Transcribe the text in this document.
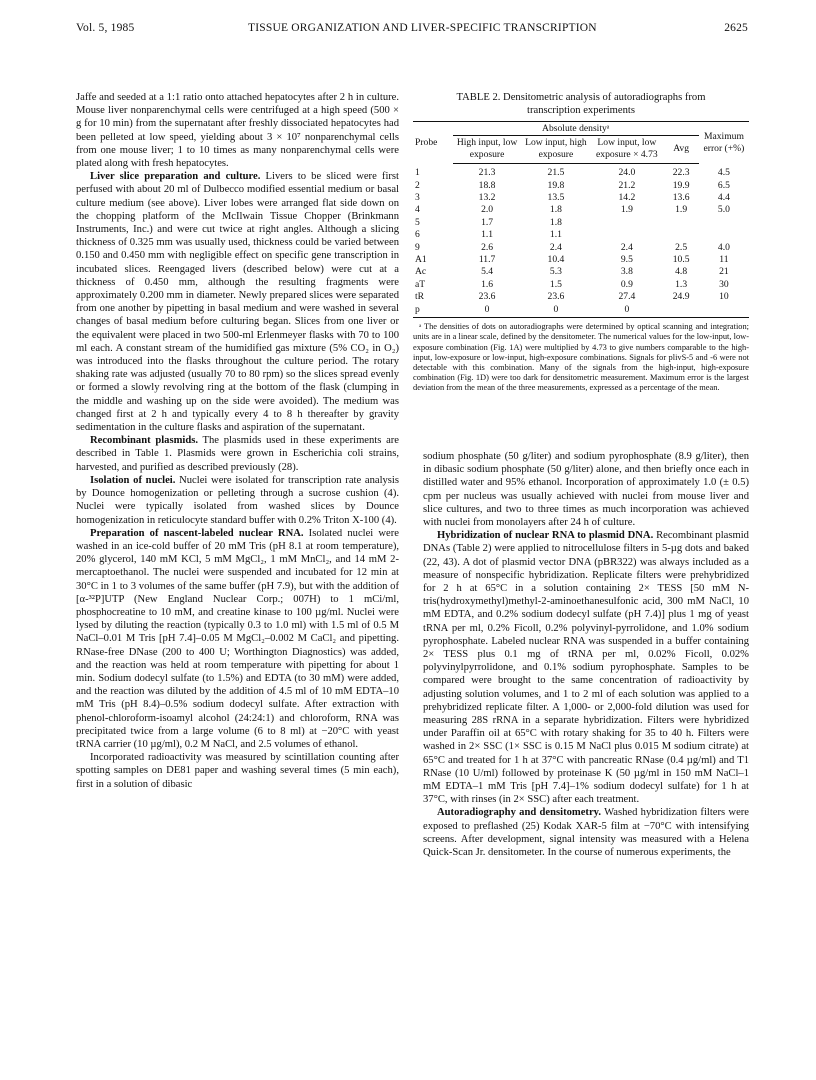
Vol. 5, 1985	TISSUE ORGANIZATION AND LIVER-SPECIFIC TRANSCRIPTION	2625

Jaffe and seeded at a 1:1 ratio onto attached hepatocytes after 2 h in culture. Mouse liver nonparenchymal cells were centrifuged at a high speed (500 × g for 10 min) from the supernatant after freshly dissociated hepatocytes had been pelleted at low speed, yielding about 3 × 10⁷ nonparenchymal cells from one mouse liver; 1 to 10 times as many nonparenchymal cells were plated along with fresh hepatocytes.

Liver slice preparation and culture. Livers to be sliced were first perfused with about 20 ml of Dulbecco modified essential medium or basal culture medium (see above). Liver lobes were arranged flat side down on the chopping platform of the McIlwain Tissue Chopper (Brinkmann Instruments, Inc.) and were cut twice at right angles. Although a slicing thickness of 0.325 mm was usually used, thickness could be varied between 0.150 and 0.450 mm with negligible effect on specific gene transcription in incubated slices. Reengaged livers (described below) were cut at a thickness of 0.450 mm, although the resulting fragments were approximately 0.200 mm in diameter. Newly prepared slices were separated from one another by pipetting in basal medium and were washed in several changes of basal medium before culturing began. Slices from one liver or the equivalent were placed in two 500-ml Erlenmeyer flasks with 70 to 100 ml each. A constant stream of the humidified gas mixture (5% CO₂ in O₂) was introduced into the flasks throughout the culture period. The rotary shaking rate was adjusted (usually 70 to 80 rpm) so the slices spread evenly or formed a slowly revolving ring at the bottom of the flask (clumping in the middle and washing up on the side were avoided). The medium was changed first at 2 h and typically every 4 to 8 h thereafter by gravity sedimentation in the culture flasks and aspiration of the supernatant.

Recombinant plasmids. The plasmids used in these experiments are described in Table 1. Plasmids were grown in Escherichia coli strains, harvested, and purified as described previously (28).

Isolation of nuclei. Nuclei were isolated for transcription rate analysis by Dounce homogenization or pelleting through a sucrose cushion (4). Nuclei were typically isolated from washed slices by Dounce homogenization in reticulocyte standard buffer with 0.2% Triton X-100 (4).

Preparation of nascent-labeled nuclear RNA. Isolated nuclei were washed in an ice-cold buffer of 20 mM Tris (pH 8.1 at room temperature), 20% glycerol, 140 mM KCl, 5 mM MgCl₂, 1 mM MnCl₂, and 14 mM 2-mercaptoethanol. The nuclei were suspended and incubated for 12 min at 30°C in 1 to 3 volumes of the same buffer (pH 7.9), but with the addition of [α-³²P]UTP (New England Nuclear Corp.; 007H) to 1 mCi/ml, phosphocreatine to 10 mM, and creatine kinase to 100 µg/ml. Nuclei were lysed by diluting the reaction (typically 0.3 to 1.0 ml) with 1.5 ml of 0.5 M NaCl–0.01 M Tris [pH 7.4]–0.05 M MgCl₂–0.002 M CaCl₂ and pipetting. RNase-free DNase (200 to 400 U; Worthington Diagnostics) was added, and the reaction was held at room temperature with pipetting for about 1 min. Sodium dodecyl sulfate (to 1.5%) and EDTA (to 30 mM) were added, and the reaction was diluted by the addition of 4.5 ml of 10 mM EDTA–10 mM Tris (pH 8.4)–0.5% sodium dodecyl sulfate. After extraction with phenol-chloroform-isoamyl alcohol (24:24:1) and chloroform, RNA was precipitated twice from a large volume (6 to 8 ml) at −20°C with yeast tRNA carrier (10 µg/ml), 0.2 M NaCl, and 2.5 volumes of ethanol.

Incorporated radioactivity was measured by scintillation counting after spotting samples on DE81 paper and washing several times (5 min each), first in a solution of dibasic

TABLE 2. Densitometric analysis of autoradiographs from
transcription experiments
Probe	Absolute densityᵃ				Maximum error (+%)
	High input, low exposure	Low input, high exposure	Low input, low exposure × 4.73	Avg	
1	21.3	21.5	24.0	22.3	4.5
2	18.8	19.8	21.2	19.9	6.5
3	13.2	13.5	14.2	13.6	4.4
4	2.0	1.8	1.9	1.9	5.0
5	1.7	1.8			
6	1.1	1.1			
9	2.6	2.4	2.4	2.5	4.0
A1	11.7	10.4	9.5	10.5	11
Ac	5.4	5.3	3.8	4.8	21
aT	1.6	1.5	0.9	1.3	30
tR	23.6	23.6	27.4	24.9	10
p	0	0	0		
ᵃ The densities of dots on autoradiographs were determined by optical scanning and integration; units are in a linear scale, defined by the densitometer. The numerical values for the low-input, low-exposure combination (Fig. 1A) were multiplied by 4.73 to give numbers comparable to the high-input, low-exposure or low-input, high-exposure combinations. Signals for plivS-5 and -6 were not detectable with this combination. Many of the signals from the high-input, high-exposure combination (Fig. 1D) were too dark for densitometric measurement. Maximum error is the largest deviation from the mean of the three measurements, expressed as a percentage of the mean.

sodium phosphate (50 g/liter) and sodium pyrophosphate (8.9 g/liter), then in dibasic sodium phosphate (50 g/liter) alone, and then briefly once each in distilled water and 95% ethanol. Incorporation of approximately 1.0 (± 0.5) cpm per nucleus was usually achieved with nuclei from mouse liver and slice cultures, and two to three times as much incorporation was achieved with nuclei from monolayers after 24 h of culture.

Hybridization of nuclear RNA to plasmid DNA. Recombinant plasmid DNAs (Table 2) were applied to nitrocellulose filters in 5-µg dots and baked (22, 43). A dot of plasmid vector DNA (pBR322) was always included as a measure of nonspecific hybridization. Replicate filters were prehybridized for 2 h at 65°C in a solution containing 2× TESS [50 mM N-tris(hydroxymethyl)methyl-2-aminoethanesulfonic acid, 300 mM NaCl, 10 mM EDTA, and 0.2% sodium dodecyl sulfate (pH 7.4)] plus 1 mg of yeast tRNA per ml, 0.2% Ficoll, 0.2% polyvinyl-pyrrolidone, and 1.0% sodium pyrophosphate. Labeled nuclear RNA was suspended in a buffer containing 2× TESS plus 0.1 mg of tRNA per ml, 0.02% Ficoll, 0.02% polyvinylpyrrolidone, and 0.1% sodium pyrophosphate. Samples to be compared were brought to the same concentration of radioactivity by adjusting solution volumes, and 1 to 2 ml of each solution was applied to a prehybridized replicate filter. A 1,000- or 2,000-fold dilution was used for measuring 28S rRNA in a separate hybridization. Filters were hybridized under Paraffin oil at 65°C with rotary shaking for 35 to 40 h. Filters were washed in 2× SSC (1× SSC is 0.15 M NaCl plus 0.015 M sodium citrate) at 65°C and treated for 1 h at 37°C with pancreatic RNase (0.4 µg/ml) and T1 RNase (10 U/ml) followed by proteinase K (50 µg/ml in 150 mM NaCl–1 mM EDTA–1 mM Tris [pH 7.4]–1% sodium dodecyl sulfate) for 1 h at 37°C, with rinses (in 2× SSC) after each treatment.

Autoradiography and densitometry. Washed hybridization filters were exposed to preflashed (25) Kodak XAR-5 film at −70°C with intensifying screens. After development, signal intensity was measured with a Helena Quick-Scan Jr. densitometer. In the course of numerous experiments, the
